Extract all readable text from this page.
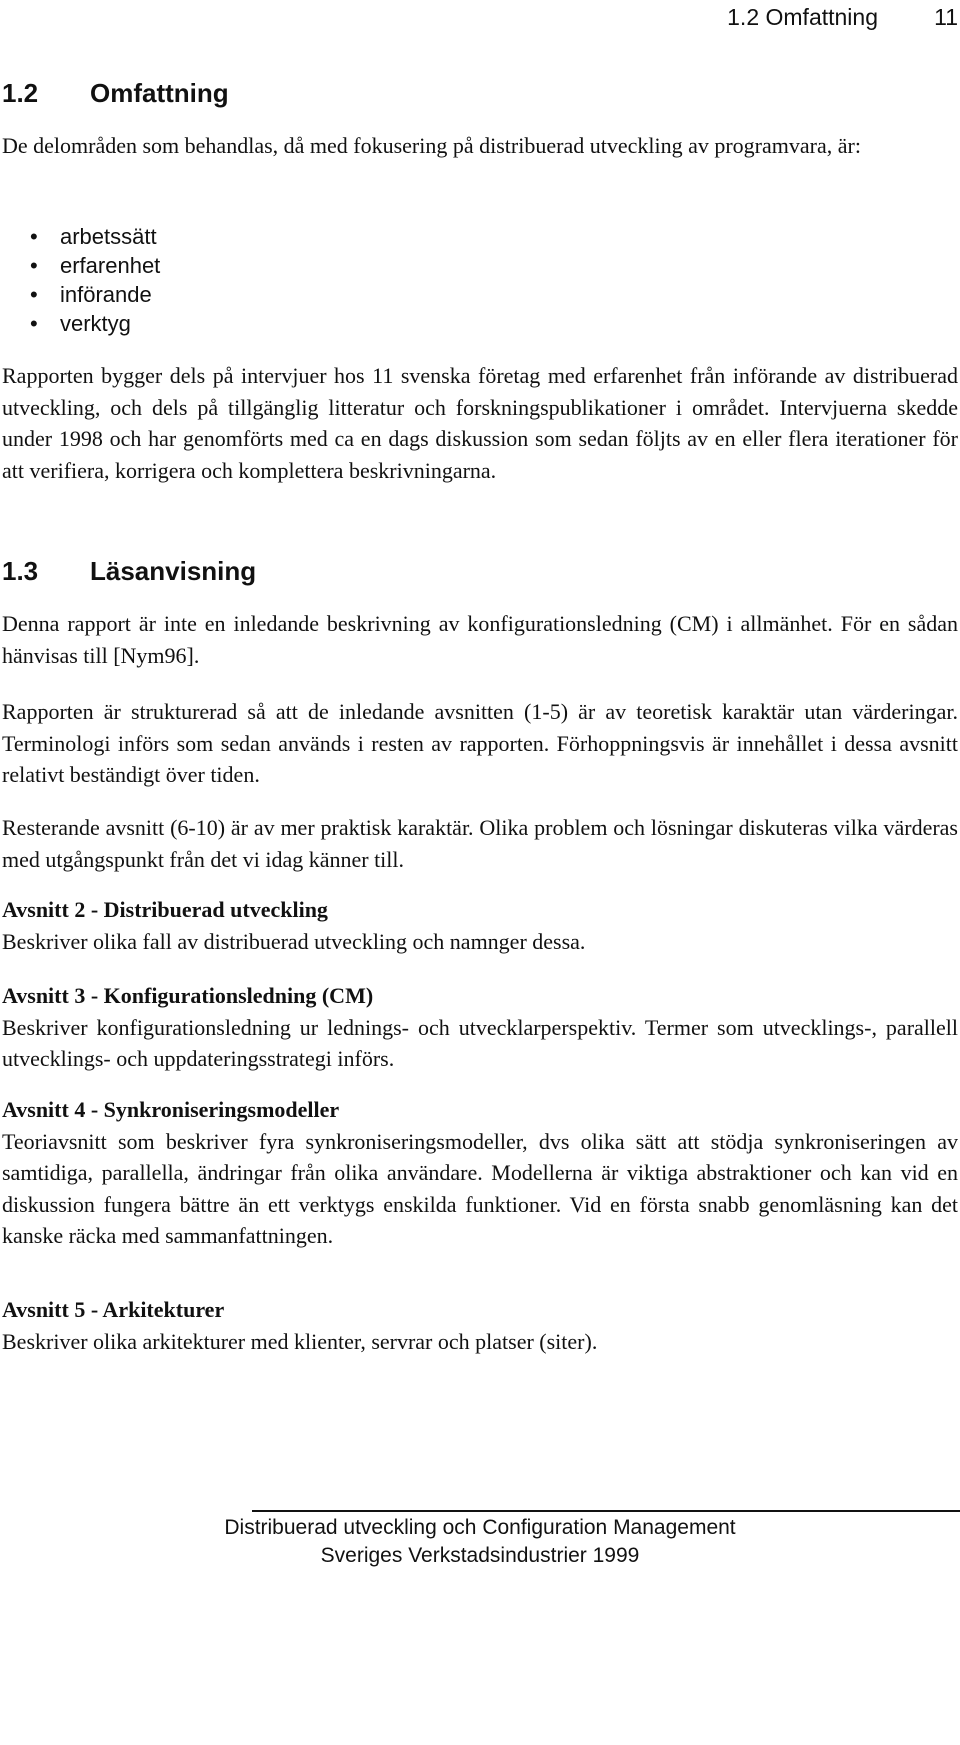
1.2 Omfattning 11
1.2 Omfattning

De delområden som behandlas, då med fokusering på distribuerad utveckling av programvara, är:

• arbetssätt
• erfarenhet
• införande
• verktyg

Rapporten bygger dels på intervjuer hos 11 svenska företag med erfarenhet från införande av distribuerad utveckling, och dels på tillgänglig litteratur och forskningspublikationer i området. Intervjuerna skedde under 1998 och har genomförts med ca en dags diskussion som sedan följts av en eller flera iterationer för att verifiera, korrigera och komplettera beskrivningarna.

1.3 Läsanvisning

Denna rapport är inte en inledande beskrivning av konfigurationsledning (CM) i allmänhet. För en sådan hänvisas till [Nym96].

Rapporten är strukturerad så att de inledande avsnitten (1-5) är av teoretisk karaktär utan värderingar. Terminologi införs som sedan används i resten av rapporten. Förhoppningsvis är innehållet i dessa avsnitt relativt beständigt över tiden.

Resterande avsnitt (6-10) är av mer praktisk karaktär. Olika problem och lösningar diskuteras vilka värderas med utgångspunkt från det vi idag känner till.

Avsnitt 2 - Distribuerad utveckling
Beskriver olika fall av distribuerad utveckling och namnger dessa.
Avsnitt 3 - Konfigurationsledning (CM)
Beskriver konfigurationsledning ur lednings- och utvecklarperspektiv. Termer som utvecklings-, parallell utvecklings- och uppdateringsstrategi införs.
Avsnitt 4 - Synkroniseringsmodeller
Teoriavsnitt som beskriver fyra synkroniseringsmodeller, dvs olika sätt att stödja synkroniseringen av samtidiga, parallella, ändringar från olika användare. Modellerna är viktiga abstraktioner och kan vid en diskussion fungera bättre än ett verktygs enskilda funktioner. Vid en första snabb genomläsning kan det kanske räcka med sammanfattningen.
Avsnitt 5 - Arkitekturer
Beskriver olika arkitekturer med klienter, servrar och platser (siter).
Distribuerad utveckling och Configuration Management
Sveriges Verkstadsindustrier 1999
